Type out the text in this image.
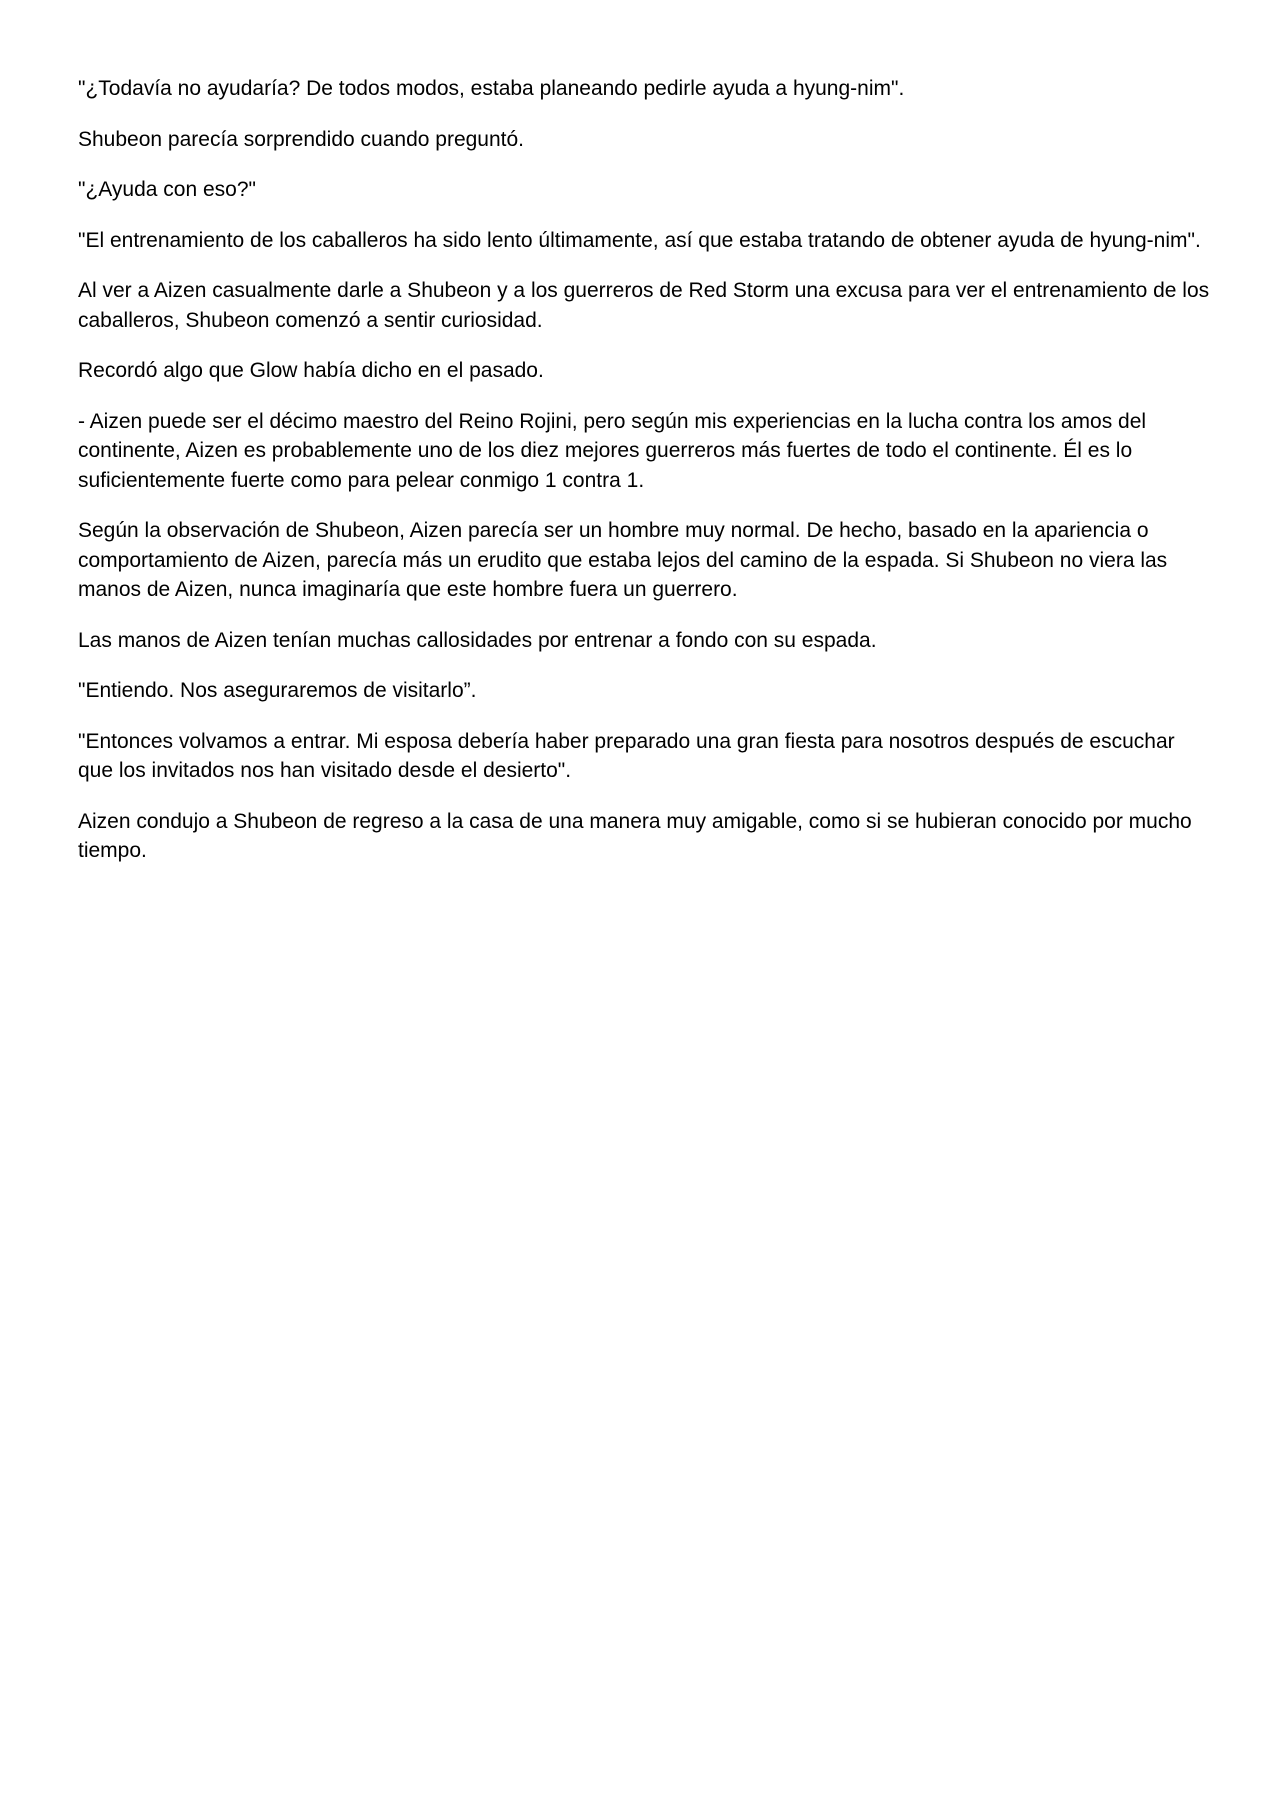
"¿Todavía no ayudaría? De todos modos, estaba planeando pedirle ayuda a hyung-nim".

Shubeon parecía sorprendido cuando preguntó.

"¿Ayuda con eso?"

"El entrenamiento de los caballeros ha sido lento últimamente, así que estaba tratando de obtener ayuda de hyung-nim".

Al ver a Aizen casualmente darle a Shubeon y a los guerreros de Red Storm una excusa para ver el entrenamiento de los caballeros, Shubeon comenzó a sentir curiosidad.

Recordó algo que Glow había dicho en el pasado.

- Aizen puede ser el décimo maestro del Reino Rojini, pero según mis experiencias en la lucha contra los amos del continente, Aizen es probablemente uno de los diez mejores guerreros más fuertes de todo el continente. Él es lo suficientemente fuerte como para pelear conmigo 1 contra 1.

Según la observación de Shubeon, Aizen parecía ser un hombre muy normal. De hecho, basado en la apariencia o comportamiento de Aizen, parecía más un erudito que estaba lejos del camino de la espada. Si Shubeon no viera las manos de Aizen, nunca imaginaría que este hombre fuera un guerrero.

Las manos de Aizen tenían muchas callosidades por entrenar a fondo con su espada.

"Entiendo. Nos aseguraremos de visitarlo”.

"Entonces volvamos a entrar. Mi esposa debería haber preparado una gran fiesta para nosotros después de escuchar que los invitados nos han visitado desde el desierto".

Aizen condujo a Shubeon de regreso a la casa de una manera muy amigable, como si se hubieran conocido por mucho tiempo.
